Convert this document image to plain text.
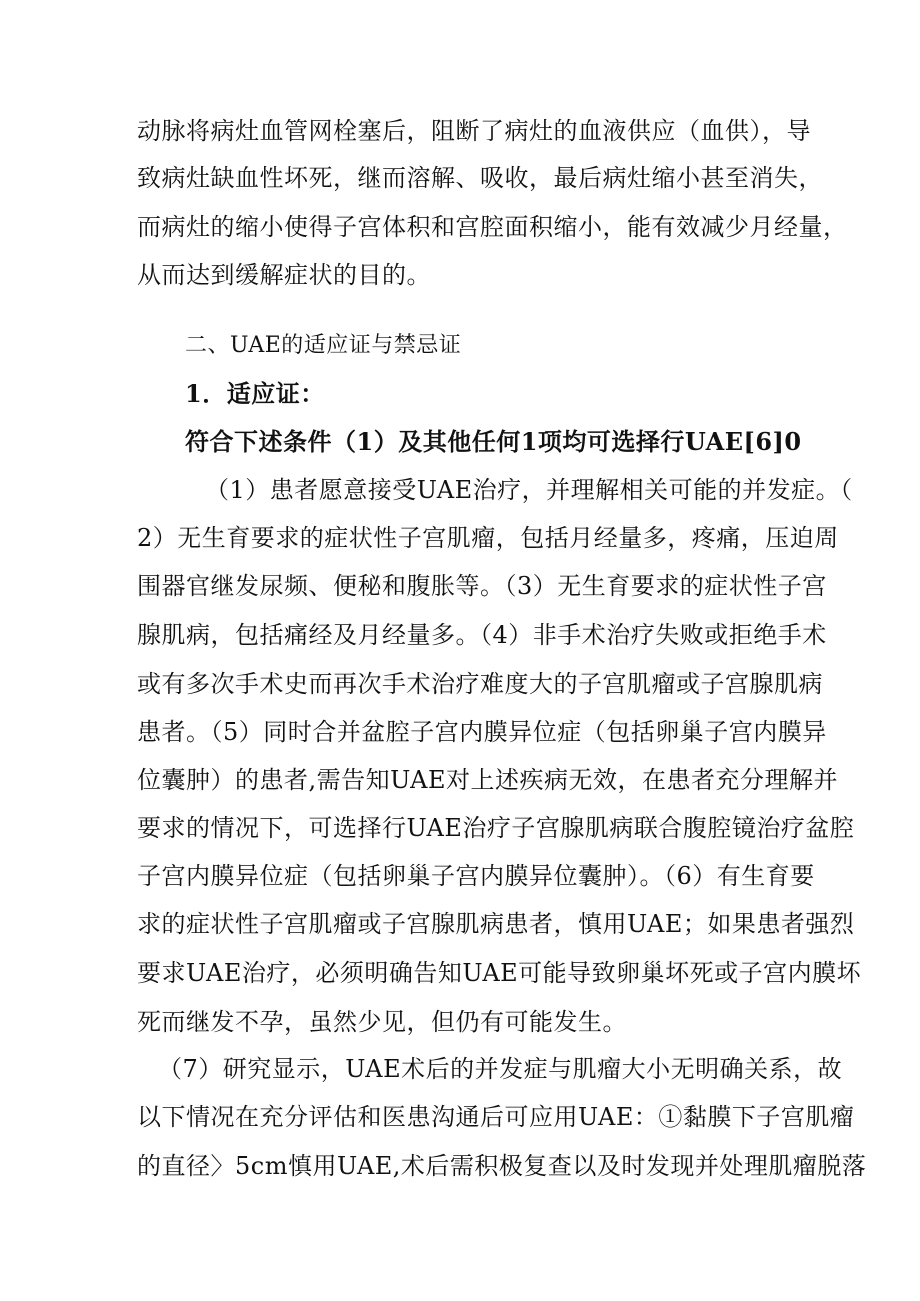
动脉将病灶血管网栓塞后，阻断了病灶的血液供应（血供），导
致病灶缺血性坏死，继而溶解、吸收，最后病灶缩小甚至消失，
而病灶的缩小使得子宫体积和宫腔面积缩小，能有效减少月经量，
从而达到缓解症状的目的。
二、UAE的适应证与禁忌证
1．适应证：
符合下述条件（1）及其他任何1项均可选择行UAE[6]0
（1）患者愿意接受UAE治疗，并理解相关可能的并发症。（
2）无生育要求的症状性子宫肌瘤，包括月经量多，疼痛，压迫周
围器官继发尿频、便秘和腹胀等。（3）无生育要求的症状性子宫
腺肌病，包括痛经及月经量多。（4）非手术治疗失败或拒绝手术
或有多次手术史而再次手术治疗难度大的子宫肌瘤或子宫腺肌病
患者。（5）同时合并盆腔子宫内膜异位症（包括卵巢子宫内膜异
位囊肿）的患者,需告知UAE对上述疾病无效，在患者充分理解并
要求的情况下，可选择行UAE治疗子宫腺肌病联合腹腔镜治疗盆腔
子宫内膜异位症（包括卵巢子宫内膜异位囊肿）。（6）有生育要
求的症状性子宫肌瘤或子宫腺肌病患者，慎用UAE；如果患者强烈
要求UAE治疗，必须明确告知UAE可能导致卵巢坏死或子宫内膜坏
死而继发不孕，虽然少见，但仍有可能发生。
（7）研究显示，UAE术后的并发症与肌瘤大小无明确关系，故
以下情况在充分评估和医患沟通后可应用UAE：①黏膜下子宫肌瘤
的直径〉5cm慎用UAE,术后需积极复查以及时发现并处理肌瘤脱落
